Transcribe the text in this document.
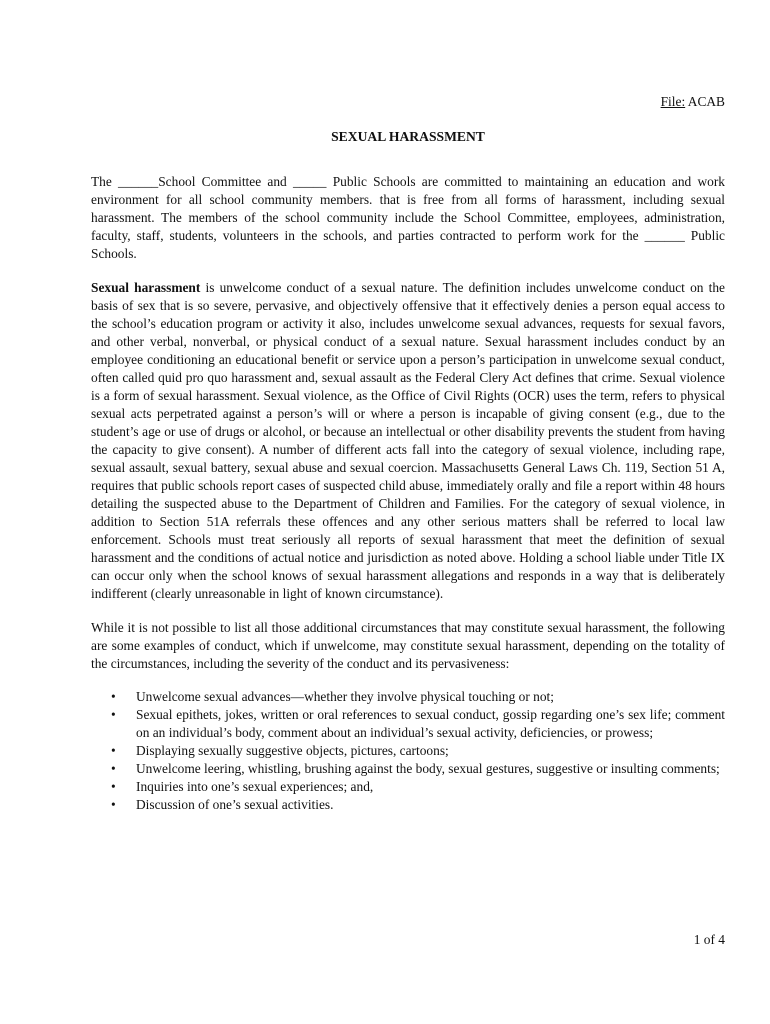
File: ACAB

SEXUAL HARASSMENT

The ______School Committee and _____ Public Schools are committed to maintaining an education and work environment for all school community members. that is free from all forms of harassment, including sexual harassment. The members of the school community include the School Committee, employees, administration, faculty, staff, students, volunteers in the schools, and parties contracted to perform work for the ______ Public Schools.

Sexual harassment is unwelcome conduct of a sexual nature. The definition includes unwelcome conduct on the basis of sex that is so severe, pervasive, and objectively offensive that it effectively denies a person equal access to the school’s education program or activity it also, includes unwelcome sexual advances, requests for sexual favors, and other verbal, nonverbal, or physical conduct of a sexual nature. Sexual harassment includes conduct by an employee conditioning an educational benefit or service upon a person’s participation in unwelcome sexual conduct, often called quid pro quo harassment and, sexual assault as the Federal Clery Act defines that crime. Sexual violence is a form of sexual harassment. Sexual violence, as the Office of Civil Rights (OCR) uses the term, refers to physical sexual acts perpetrated against a person’s will or where a person is incapable of giving consent (e.g., due to the student’s age or use of drugs or alcohol, or because an intellectual or other disability prevents the student from having the capacity to give consent). A number of different acts fall into the category of sexual violence, including rape, sexual assault, sexual battery, sexual abuse and sexual coercion. Massachusetts General Laws Ch. 119, Section 51 A, requires that public schools report cases of suspected child abuse, immediately orally and file a report within 48 hours detailing the suspected abuse to the Department of Children and Families. For the category of sexual violence, in addition to Section 51A referrals these offences and any other serious matters shall be referred to local law enforcement. Schools must treat seriously all reports of sexual harassment that meet the definition of sexual harassment and the conditions of actual notice and jurisdiction as noted above. Holding a school liable under Title IX can occur only when the school knows of sexual harassment allegations and responds in a way that is deliberately indifferent (clearly unreasonable in light of known circumstance).

While it is not possible to list all those additional circumstances that may constitute sexual harassment, the following are some examples of conduct, which if unwelcome, may constitute sexual harassment, depending on the totality of the circumstances, including the severity of the conduct and its pervasiveness:

• Unwelcome sexual advances—whether they involve physical touching or not;
• Sexual epithets, jokes, written or oral references to sexual conduct, gossip regarding one’s sex life; comment on an individual’s body, comment about an individual’s sexual activity, deficiencies, or prowess;
• Displaying sexually suggestive objects, pictures, cartoons;
• Unwelcome leering, whistling, brushing against the body, sexual gestures, suggestive or insulting comments;
• Inquiries into one’s sexual experiences; and,
• Discussion of one’s sexual activities.
1 of 4
